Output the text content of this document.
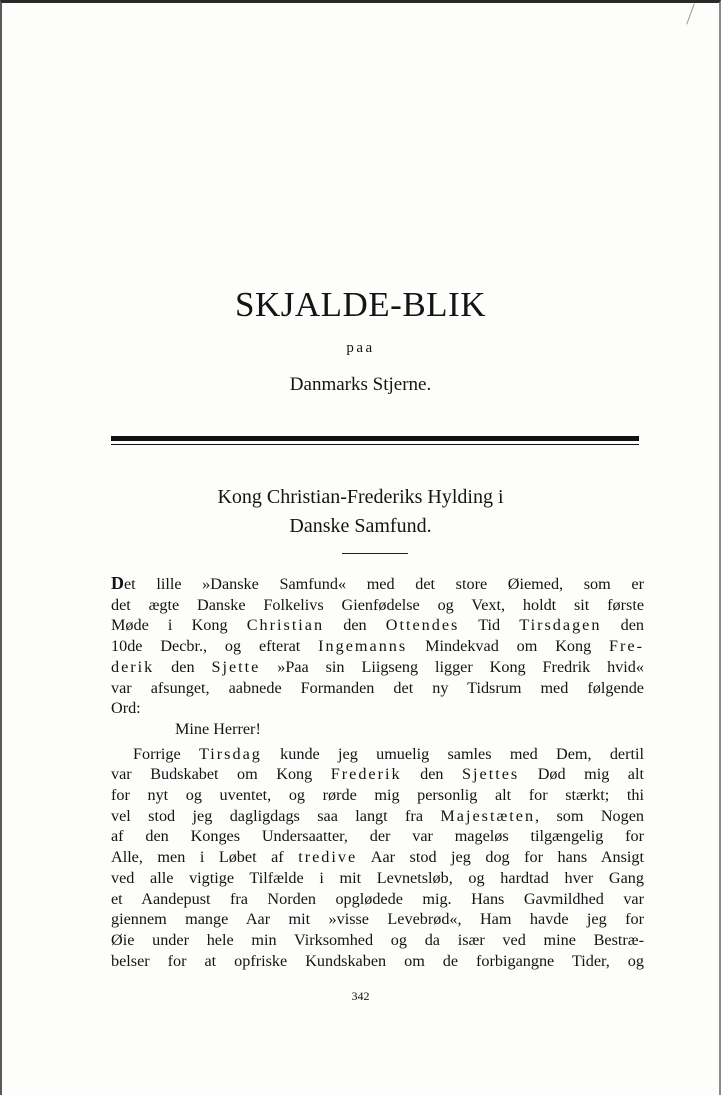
SKJALDE-BLIK
paa
Danmarks Stjerne.
Kong Christian-Frederiks Hylding i
Danske Samfund.
Det lille »Danske Samfund« med det store Øiemed, som er
det ægte Danske Folkelivs Gienfødelse og Vext, holdt sit første
Møde i Kong Christian den Ottendes Tid Tirsdagen den
10de Decbr., og efterat Ingemanns Mindekvad om Kong Fre-
derik den Sjette »Paa sin Liigseng ligger Kong Fredrik hvid«
var afsunget, aabnede Formanden det ny Tidsrum med følgende
Ord:
Mine Herrer!
Forrige Tirsdag kunde jeg umuelig samles med Dem, dertil
var Budskabet om Kong Frederik den Sjettes Død mig alt
for nyt og uventet, og rørde mig personlig alt for stærkt; thi
vel stod jeg dagligdags saa langt fra Majestæten, som Nogen
af den Konges Undersaatter, der var mageløs tilgængelig for
Alle, men i Løbet af tredive Aar stod jeg dog for hans Ansigt
ved alle vigtige Tilfælde i mit Levnetsløb, og hardtad hver Gang
et Aandepust fra Norden opglødede mig. Hans Gavmildhed var
giennem mange Aar mit »visse Levebrød«, Ham havde jeg for
Øie under hele min Virksomhed og da især ved mine Bestræ-
belser for at opfriske Kundskaben om de forbigangne Tider, og
342
